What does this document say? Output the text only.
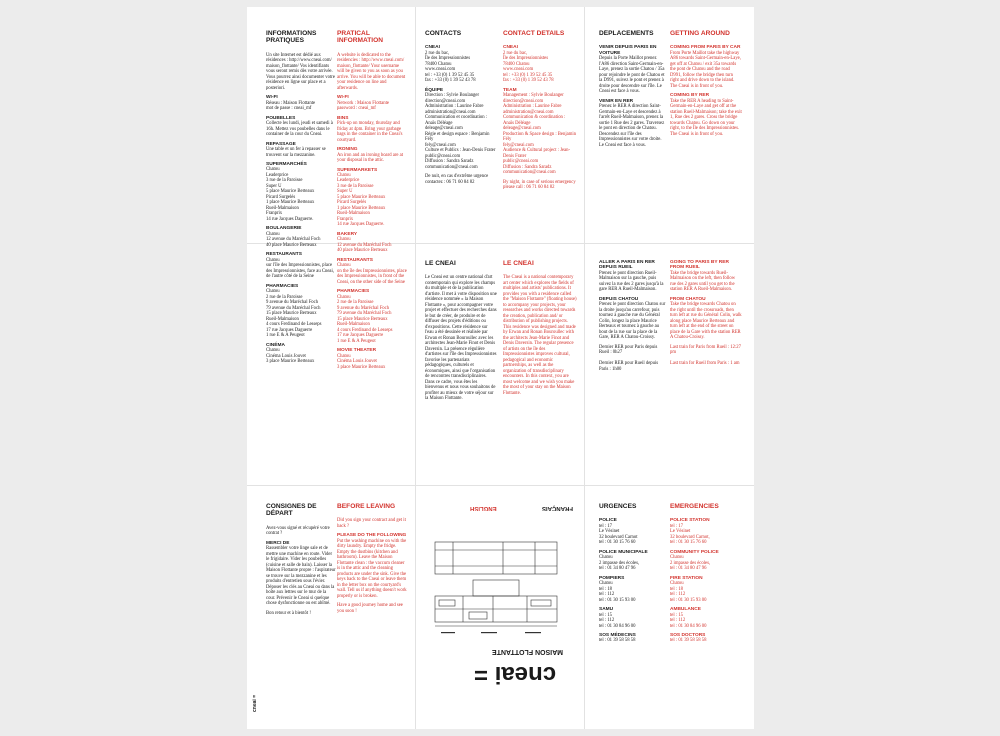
INFORMATIONS PRATIQUES

Un site Internet est dédié aux résidences : http://www.cneai.com/ maison_flottante/ Vos identifiants vous seront remis dès votre arrivée. Vous pourrez ainsi documenter votre résidence en ligne sur place et a posteriori.

WI-FI

Réseau : Maison Flottante
mot de passe : cneai_mf

POUBELLES

Collecte les lundi, jeudi et samedi à 16h. Mettez vos poubelles dans le container de la cour du Cneai.

REPASSAGE

Une table et un fer à repasser se trouvent sur la mezzanine.

SUPERMARCHÉS

Chatou
Leaderprice
3 rue de la Paroisse
Super U
5 place Maurice Berteaux
Picard Surgelés
1 place Maurice Berteaux
Rueil-Malmaison
Franprix
14 rue Jacques Daguerre.

BOULANGERIE

Chatou
12 avenue du Maréchal Foch
40 place Maurice Berteaux

RESTAURANTS

Chatou
sur l'île des Impressionnistes, place des Impressionnistes, face au Cneai, de l'autre côté de la Seine

PHARMACIES

Chatou
2 rue de la Paroisse
9 avenue du Maréchal Foch
79 avenue du Maréchal Foch
15 place Maurice Berteaux
Rueil-Malmaison
4 cours Ferdinand de Lesseps
17 rue Jacques Daguerre
1 rue E & A Peugeot

CINÉMA

Chatou
Cinéma Louis Jouvet
3 place Maurice Berteaux

PRATICAL INFORMATION

A website is dedicated to the residencies : http://www.cneai.com/ maison_flottante/ Your username will be given to you as soon as you arrive. You will be able to document your residence on line and afterwards.

WI-FI

Network : Maison Flottante
password : cneai_mf

BINS

Pick-up on monday, thursday and friday at 4pm. Bring your garbage bags in the container in the Cneai's courtyard.

IRONING

An iron and an ironing board are at your disposal in the attic.

SUPERMARKETS

Chatou
Leaderprice
3 rue de la Paroisse
Super U
5 place Maurice Berteaux
Picard Surgelés
1 place Maurice Berteaux
Rueil-Malmaison
Franprix
14 rue Jacques Daguerre.

BAKERY

Chatou
12 avenue du Maréchal Foch
40 place Maurice Berteaux

RESTAURANTS

Chatou
on the île des Impressionnistes, place des Impressionnistes, in front of the Cneai, on the other side of the Seine

PHARMACIES

Chatou
2 rue de la Paroisse
9 avenue du Maréchal Foch
79 avenue du Maréchal Foch
15 place Maurice Berteaux
Rueil-Malmaison
4 cours Ferdinand de Lesseps
17 rue Jacques Daguerre
1 rue E & A Peugeot

MOVIE THEATER

Chatou
Cinéma Louis Jouvet
3 place Maurice Berteaux

CONTACTS

CNEAI

2 rue du bac,
Île des Impressionnistes
78400 Chatou
www.cneai.com
tel : +33 (0) 1 39 52 45 35
fax : +33 (0) 1 39 52 43 78

ÉQUIPE

Direction : Sylvie Boulanger
direction@cneai.com
Administration : Laurine Fabre
administration@cneai.com
Communication et coordination : Anaïs Déléage
deleage@cneai.com
Régie et design espace : Benjamin Fély
fely@cneai.com
Culture et Publics : Jean-Denis Frater
public@cneai.com
Diffusion : Sandra Saradz
communication@cneai.com

De nuit, en cas d'extrême urgence contactez : 06 71 60 84 82

CONTACT DETAILS

CNEAI

2 rue du bac,
Île des Impressionnistes
78400 Chatou
www.cneai.com
tel : +33 (0) 1 39 52 45 35
fax : +33 (0) 1 39 52 43 78

TEAM

Management : Sylvie Boulanger
direction@cneai.com
Administration : Laurine Fabre
administration@cneai.com
Communication & coordination : Anaïs Déléage
deleage@cneai.com
Production & Space design : Benjamin Fély
fely@cneai.com
Audience & Cultural project : Jean-Denis Frater
public@cneai.com
Diffusion : Sandra Saradz
communication@cneai.com

By night, in case of serious emergency please call : 06 71 60 84 82

DÉPLACEMENTS

VENIR DEPUIS PARIS EN VOITURE

Depuis la Porte Maillot prenez l'A86 direction Saint-Germain-en-Laye, prenez la sortie Chatou / 35a pour rejoindre le pont de Chatou et la D991, suivez le pont et prenez à droite pour descendre sur l'île. Le Cneai est face à vous.

VENIR EN RER

Prenez le RER A direction Saint-Germain-en-Laye et descendez à l'arrêt Rueil-Malmaison, prenez la sortie 1 Rue des 2 gares. Traversez le pont en direction de Chatou. Descendez sur l'île des Impressionnistes sur votre droite. Le Cneai est face à vous.

GETTING AROUND

COMING FROM PARIS BY CAR

From Porte Maillot take the highway A86 towards Saint-Germain-en-Laye, get off at Chatou / exit 35a towards the pont de Chatou and the road D991, follow the bridge then turn right and drive down to the island. The Cneai is in front of you.

COMING BY RER

Take the RER A heading to Saint-Germain-en-Laye and get off at the station Rueil-Malmaison; take the exit 1, Rue des 2 gares. Cross the bridge towards Chatou. Go down on your right, to the Île des Impressionnistes. The Cneai is in front of you.

LE CNEAI

Le Cneai est un centre national d'art contemporain qui explore les champs du multiple et de la publication d'artiste. Il met à votre disposition une résidence nommée « la Maison Flottante », pour accompagner votre projet et effectuer des recherches dans le but de créer, de produire et de diffuser des projets d'éditions ou d'expositions. Cette résidence sur l'eau a été dessinée et réalisée par Erwan et Ronan Bouroullec avec les architectes Jean-Marie Finot et Denis Daversin. La présence régulière d'artistes sur l'île des Impressionnistes favorise les partenariats pédagogiques, culturels et économiques, ainsi que l'organisation de rencontres transdisciplinaires. Dans ce cadre, vous êtes les bienvenus et nous vous souhaitons de profiter au mieux de votre séjour sur la Maison Flottante.

LE CNEAI

The Cneai is a national contemporary art center which explores the fields of multiples and artists' publications. It provides you with a residence called the "Maison Flottante" (floating house) to accompany your projects, your researches and works directed towards the creation, publication and/ or distribution of publishing projects. This residence was designed and made by Erwan and Ronan Bouroullec with the architects Jean-Marie Finot and Denis Daversin. The regular presence of artists on the île des Impressionnistes improves cultural, pedagogical and economic partnerships, as well as the organization of transdisciplinary encounters. In this context, you are most welcome and we wish you make the most of your stay on the Maison Flottante.

ALLER À PARIS EN RER DEPUIS RUEIL

Prenez le pont direction Rueil-Malmaison sur la gauche, puis suivez la rue des 2 gares jusqu'à la gare RER A Rueil-Malmaison.

DEPUIS CHATOU

Prenez le pont direction Chatou sur la droite jusqu'au carrefour, puis tournez à gauche rue du Général Colin, longez la place Maurice Berteaux et tournez à gauche au bout de la rue sur la place de la Gare, RER A Chatou-Croissy.

Dernier RER pour Paris depuis Rueil : 0h27

Dernier RER pour Rueil depuis Paris : 1h00

GOING TO PARIS BY RER FROM RUEIL

Take the bridge towards Rueil-Malmaison on the left, then follow rue des 2 gares until you get to the station RER A Rueil-Malmaison.

FROM CHATOU

Take the bridge towards Chatou on the right until the crossroads, then turn left at rue du Général Colin, walk along place Maurice Berteaux and turn left at the end of the street on place de la Gare with the station RER A Chatou-Croissy.

Last train for Paris from Rueil : 12:27 pm

Last train for Rueil from Paris : 1 am

CONSIGNES DE DÉPART

Avez-vous signé et récupéré votre contrat ?

MERCI DE

Rassembler votre linge sale et de mettre une machine en route. Vider le frigidaire. Vider les poubelles (cuisine et salle de bain). Laisser la Maison Flottante propre : l'aspirateur se trouve sur la mezzanine et les produits d'entretien sous l'évier. Déposer les clés au Cneai ou dans la boîte aux lettres sur le mur de la cour. Prévenir le Cneai si quelque chose dysfonctionne ou est abîmé.

Bon retour et à bientôt !

BEFORE LEAVING

Did you sign your contract and get it back ?

PLEASE DO THE FOLLOWING

Put the washing machine on with the dirty laundry. Empty the fridge. Empty the dustbins (kitchen and bathroom). Leave the Maison Flottante clean : the vaccum cleaner is in the attic and the cleaning products are under the sink. Give the keys back to the Cneai or leave them in the letter box on the courtyard's wall. Tell us if anything doesn't work properly or is broken.

Have a good journey home and see you soon !

ENGLISH	FRANÇAIS
cneai =
MAISON FLOTTANTE
cneai =
URGENCES

POLICE

tel : 17
Le Vésinet
32 boulevard Carnot
tel : 01 30 15 76 60

POLICE MUNICIPALE

Chatou
2 impasse des écoles,
tel : 01 34 80 47 96

POMPIERS

Chatou
tel : 18
tel : 112
tel : 01 30 15 93 00

SAMU

tel : 15
tel : 112
tel : 01 30 84 96 00

SOS MÉDECINS

tel : 01 39 58 58 58

EMERGENCIES

POLICE STATION

tel : 17
Le Vésinet
32 boulevard Carnot,
tel : 01 30 15 76 60

COMMUNITY POLICE

Chatou
2 impasse des écoles,
tel : 01 34 80 47 96

FIRE STATION

Chatou
tel : 18
tel : 112
tel : 01 30 15 93 00

AMBULANCE

tel : 15
tel : 112
tel : 01 30 84 96 00

SOS DOCTORS

tel : 01 39 58 58 58
